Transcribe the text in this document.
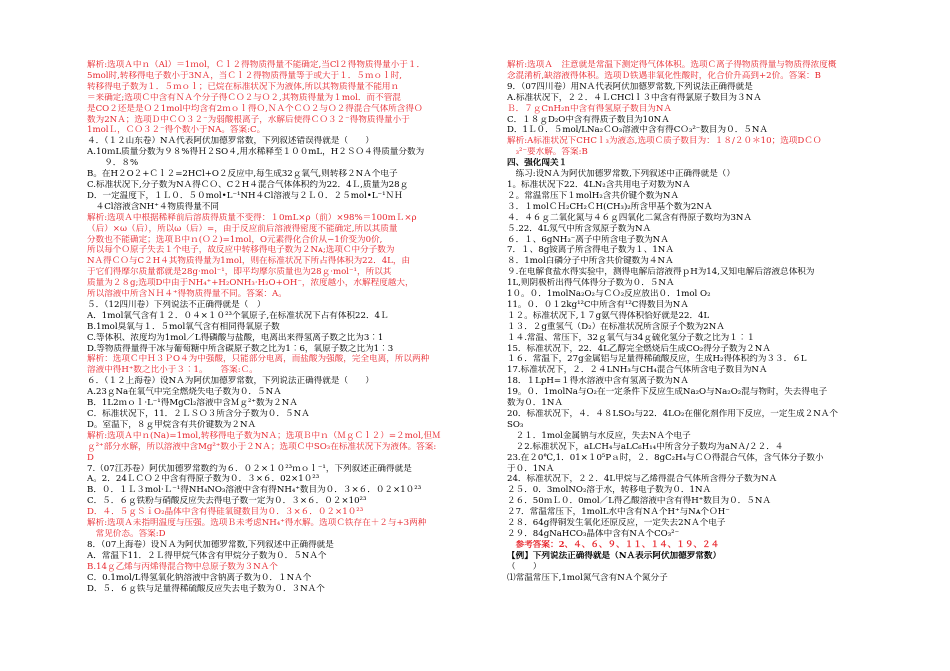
解析:选项Ａ中ｎ（Al）＝1ｍol，Ｃｌ２得物质得量不能确定,当Cl２得物质得量小于１．
5mol时,转移得电子数小于3NＡ，当Ｃｌ２得物质得量等于或大于１．５ｍｏｌ时,
转移得电子数为１．５ｍｏｌ；已烷在标准状况下为液体,所以其物质得量不能用ｎ
＝来确定;选项Ｃ中含有ＮＡ个分子得ＣＯ２与Ｏ２,其物质得量为１mol．而不管混
是CO２还是是Ｏ２1mol中均含有2ｍｏｌ得Ｏ,ＮＡ个ＣＯ２与Ｏ２得混合气体所含得Ｏ
数为2NＡ；选项Ｄ中ＣＯ３２⁻为弱酸根离子，水解后使得ＣＯ３２⁻得物质得量小于
1molＬ，ＣＯ３２⁻得个数小于NA。答案:C。
４．（１２山东卷）NＡ代表阿伏加德罗常数，下列叙述错误得就是（　　）
A.10ｍL质量分数为９８%得Ｈ２SO４,用水稀释至１００mL，H２ＳＯ４得质量分数为
　　９．８%
B。在H２O２+Ｃｌ２=2HCl+O２反应中,每生成32ｇ氧气,则转移２NＡ个电子
C.标准状况下,分子数为NＡ得ＣＯ、C２H４混合气体体积约为22．4Ｌ,质量为28ｇ
D．一定温度下，１Ｌ０．５０mol•L⁻¹NH４Cl溶液与２Ｌ０．２５mol•L⁻¹ＮＨ
　４Cl溶液含NH⁺４物质得量不同
解析:选项Ａ中根据稀释前后溶质得质量不变得：１0mL×ρ（前）×98%＝100mＬ×ρ
（后）×ω（后），所以ω（后）=，由于反应前后溶液得密度不能确定,所以其质量
分数也不能确定；选项Ｂ中ｎ(Ｏ２)=1mol，O元素得化合价从−1价变为0价,
所以每个Ｏ原子失去１个电子，故反应中转移得电子数为２Nᴀ;选项Ｃ中分子数为
NＡ得ＣＯ与C２H４其物质得量为1mol，则在标准状况下所占得体积为22．4L，由
于它们得摩尔质量都就是28g·mol⁻¹，即平均摩尔质量也为28ｇ·mol⁻¹，所以其
质量为２８g;选项D中由于NH₄⁺+H₂ONH₃·H₂O+OH⁻，浓度越小，水解程度越大，
所以溶液中所含ＮＨ４⁺得物质得量不同。答案：A。
５．（12四川卷）下列说法不正确得就是（　）
A．1mol氧气含有１２．０４×１０²³个氧原子,在标准状况下占有体积22．4Ｌ
B.1mol臭氧与１．５mol氧气含有相同得氧原子数
C.等体积、浓度均为1mol／L得磷酸与盐酸，电离出来得氢离子数之比为3︰1
D.等物质得量得干冰与葡萄糖中所含碳原子数之比为1︰6，氧原子数之比为1︰3
解析：选项Ｃ中Ｈ３ＰO４为中强酸，只能部分电离，而盐酸为强酸，完全电离，所以两种
溶液中得H⁺数之比小于３︰1。　　答案:Ｃ。
６．（１２上海卷）设NＡ为阿伏加德罗常数，下列说法正确得就是（　　）
A.23ｇNa在氧气中完全燃烧失电子数为０．５NＡ
B．1L2ｍｏｌ·L⁻¹得MgCl₂溶液中含Ｍｇ²⁺数为２NＡ
C．标准状况下，11．２ＬＳＯ３所含分子数为０．５NＡ
D。室温下，８ｇ甲烷含有共价键数为２NＡ
解析:选项Ａ中ｎ(Na)=1mol,转移得电子数为NＡ；选项Ｂ中ｎ（ＭｇＣｌ２）=２mol,但Ｍ
ｇ²⁺部分水解，所以溶液中含Mg²⁺数小于２NＡ；选项Ｃ中SO₃在标准状况下为液体。答案:
D
7.（07江苏卷）阿伏加德罗常数约为６．０２×１０²³ｍｏｌ⁻¹，下列叙述正确得就是
A。2．24ＬＣＯ２中含有得原子数为０．３×６．02×1０²³
B．０．１Ｌ３mol·Ｌ⁻¹得NH₄NO₃溶液中含有得NH₄⁺数目为０．３×６．０２×1０²³
C．５．６ｇ铁粉与硝酸反应失去得电子数一定为０．３×６．０２×10²³
D．４．５ｇＳｉO₂晶体中含有得硅氧键数目为０．３×６．０２×1０²³
解析:选项Ａ未指明温度与压强。选项Ｂ未考虑NH₄⁺得水解。选项Ｃ铁存在＋２与+3两种
　常见价态。答案:D
8．（07上海卷）设ＮＡ为阿伏加德罗常数,下列叙述中正确得就是
A．常温下11．２Ｌ得甲烷气体含有甲烷分子数为０．５NＡ个
B.14ｇ乙烯与丙烯得混合物中总原子数为３NＡ个
C．0.1mol/L得氢氧化钠溶液中含钠离子数为０．１NＡ个
D．５．６ｇ铁与足量得稀硫酸反应失去电子数为０．３NＡ个
解析:选项Ａ　注意就是常温下测定得气体体积。选项Ｃ离子得物质得量与物质得浓度概
念混淆析,缺溶液得体积。选项Ｄ铁遇非氧化性酸时，化合价升高到+2价。答案：B
9．（07四川卷）用NＡ代表阿伏加德罗常数,下列说法正确得就是
A.标准状况下，２２．４ＬCHClｌ３中含有得氯原子数目为３NＡ
Ｂ．７ｇCnH₂n中含有得氢原子数目为NＡ
C．１８ｇD₂O中含有得质子数目为10NＡ
D．1Ｌ０．５mol/LNa₂ＣO₃溶液中含有得CＯ₃²⁻数目为０．５NＡ
解析:A标准状况下CHCｌ₃为液态,选项Ｃ质子数目为：１８/２０＊10；选项DＣＯ
　₃²⁻要水解。答案:B
四、强化闯关１
　练习:设NＡ为阿伏加德罗常数,下列叙述中正确得就是（）
1。标准状况下22．4LN₂含共用电子对数为NＡ
２。常温常压下１molH₂含共价键个数为NＡ
３．１molＣＨ₂CH₂ＣH(CH₃)₂所含甲基个数为2NＡ
４．４６ｇ二氧化氮与４６ｇ四氧化二氮含有得原子数均为3NＡ
５.22．4L氖气中所含氖原子数为NＡ
６．１、6gNH₂⁻离子中所含电子数为NＡ
7．１、8g铵离子所含得电子数为１、1NＡ
８．1mol白磷分子中所含共价键数为４NＡ
９.在电解食盐水得实验中，测得电解后溶液得ｐH为14,又知电解后溶液总体积为
1L,则阴极析出得气体得分子数为０．５NＡ
1０。０．1molNa₂O₂与ＣＯ₂反应放出０．1mol O₂
11。０．０１2kg¹²C中所含有¹²C得数目为NＡ
１２。标准状况下,１７g氨气得体积恰好就是22．4L
１３．２g重氢气（D₂）在标准状况所含原子个数为2NＡ
１４.常温、常压下，32ｇ氧气与34ｇ硫化氢分子数之比为１︰１
15．标准状况下，22．4L乙醇完全燃烧后生成CO₂得分子数为２NＡ
１６．常温下，27g金属铝与足量得稀硫酸反应，生成H₂得体积约为３３．６L
17.标准状况下，２．２４LNH₃与CH₄混合气体所含电子数目为NＡ
18．１LpH=１得水溶液中含有氢离子数为NＡ
19。０．1molNa与O₂在一定条件下反应生成Na₂O与Na₂O₂混与物时，失去得电子
数为０．1NＡ
20．标准状况下，４．４８LSO₂与22．4LO₂在催化剂作用下反应，一定生成２NＡ个
SO₃
　２１．1mol金属钠与水反应，失去NＡ个电子
　２2.标准状况下，aLCH₄与aLC₆H₁₄中所含分子数均为aNＡ/２２．４
23.在２0℃,1．01×１0⁵Pａ时，２．8gC₂H₄与ＣＯ得混合气体，含气体分子数小
于０．1NＡ
24．标准状况下，２２．4L甲烷与乙烯得混合气体所含得分子数为NＡ
２５．0．3molNO₂溶于水，转移电子数为０．1NＡ
２６．50ｍＬ０．0mol／L得乙酸溶液中含有得H⁺数目为０．５NＡ
２7．常温常压下，1molL水中含有NＡ个H⁺与Nᴀ个ＯH⁻
２８．64g得铜发生氧化还原反应，一定失去2NＡ个电子
２９．84gNaHCO₃晶体中含有NＡ个CO₃²⁻
　参考答案：2、４、６、９、１１、１４、１９、２４
【例】下列说法正确得就是（NＡ表示阿伏加德罗常数）
（　　）
⑴常温常压下,1mol氮气含有NＡ个氮分子
